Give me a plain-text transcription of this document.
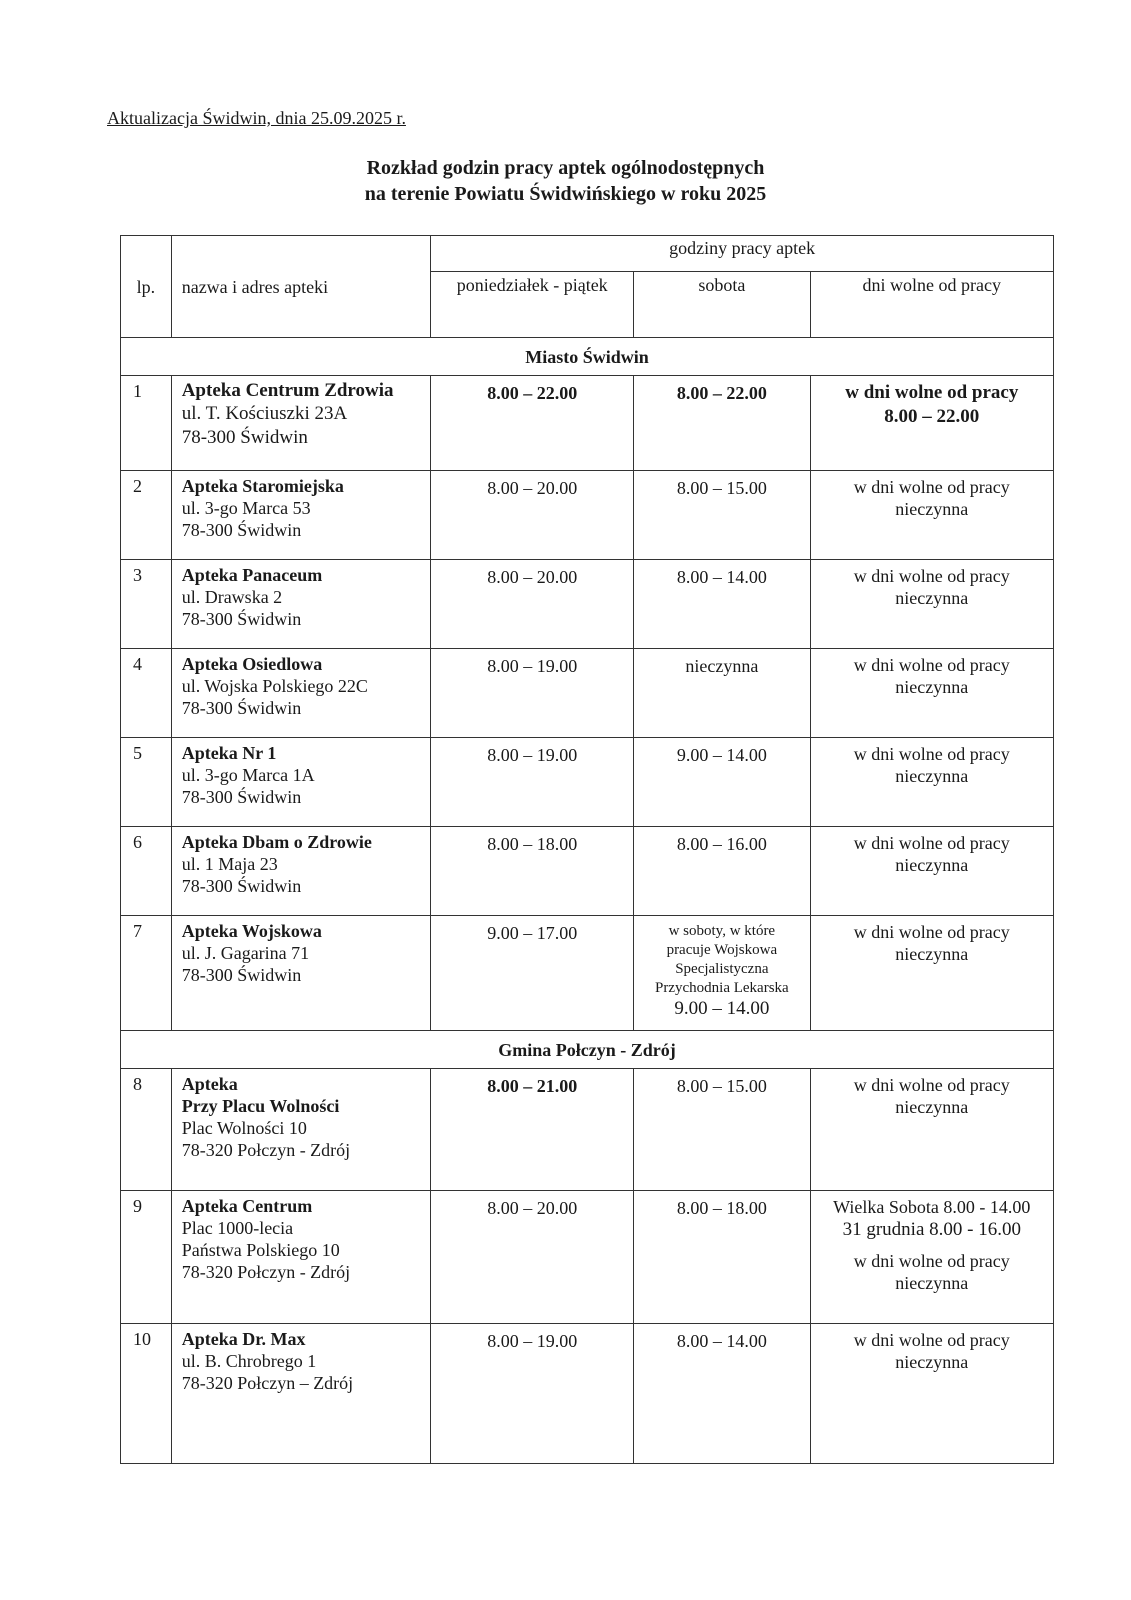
Aktualizacja Świdwin, dnia 25.09.2025 r.
Rozkład godzin pracy aptek ogólnodostępnych
na terenie Powiatu Świdwińskiego w roku 2025
lp.	nazwa i adres apteki	godziny pracy aptek		

		poniedziałek - piątek	sobota	dni wolne od pracy

Miasto Świdwin				
1	Apteka Centrum Zdrowia
ul. T. Kościuszki 23A
78-300 Świdwin	8.00 – 22.00	8.00 – 22.00	w dni wolne od pracy
8.00 – 22.00

2	Apteka Staromiejska
ul. 3-go Marca 53
78-300 Świdwin	8.00 – 20.00	8.00 – 15.00	w dni wolne od pracy
nieczynna

3	Apteka Panaceum
ul. Drawska 2
78-300 Świdwin	8.00 – 20.00	8.00 – 14.00	w dni wolne od pracy
nieczynna

4	Apteka Osiedlowa
ul. Wojska Polskiego 22C
78-300 Świdwin	8.00 – 19.00	nieczynna	w dni wolne od pracy
nieczynna

5	Apteka Nr 1
ul. 3-go Marca 1A
78-300 Świdwin	8.00 – 19.00	9.00 – 14.00	w dni wolne od pracy
nieczynna

6	Apteka Dbam o Zdrowie
ul. 1 Maja 23
78-300 Świdwin	8.00 – 18.00	8.00 – 16.00	w dni wolne od pracy
nieczynna

7	Apteka Wojskowa
ul. J. Gagarina 71
78-300 Świdwin	9.00 – 17.00	w soboty, w które
pracuje Wojskowa
Specjalistyczna
Przychodnia Lekarska
9.00 – 14.00	w dni wolne od pracy
nieczynna

Gmina Połczyn - Zdrój				
8	Apteka
Przy Placu Wolności
Plac Wolności 10
78-320 Połczyn - Zdrój	8.00 – 21.00	8.00 – 15.00	w dni wolne od pracy
nieczynna

9	Apteka Centrum
Plac 1000-lecia
Państwa Polskiego 10
78-320 Połczyn - Zdrój	8.00 – 20.00	8.00 – 18.00	Wielka Sobota 8.00 - 14.00
31 grudnia 8.00 - 16.00
w dni wolne od pracy
nieczynna

10	Apteka Dr. Max
ul. B. Chrobrego 1
78-320 Połczyn – Zdrój	8.00 – 19.00	8.00 – 14.00	w dni wolne od pracy
nieczynna
